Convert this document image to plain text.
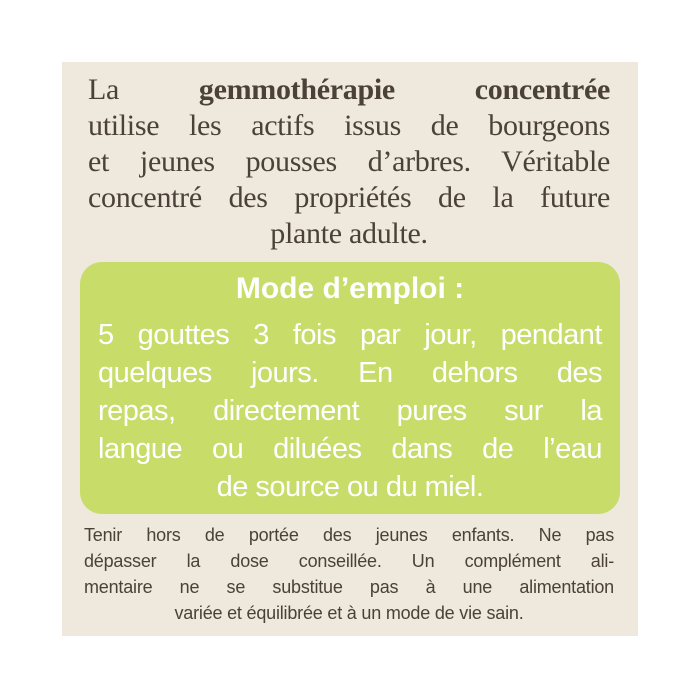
La	gemmothérapie	concentrée
utilise les actifs issus de bourgeons
et jeunes pousses d’arbres. Véritable
concentré des propriétés de la future
plante adulte.
Mode d’emploi :
5 gouttes 3 fois par jour, pendant
quelques jours. En dehors des
repas, directement pures sur la
langue ou diluées dans de l’eau
de source ou du miel.
Tenir hors de portée des jeunes enfants. Ne pas
dépasser la dose conseillée. Un complément ali-
mentaire ne se substitue pas à une alimentation
variée et équilibrée et à un mode de vie sain.
